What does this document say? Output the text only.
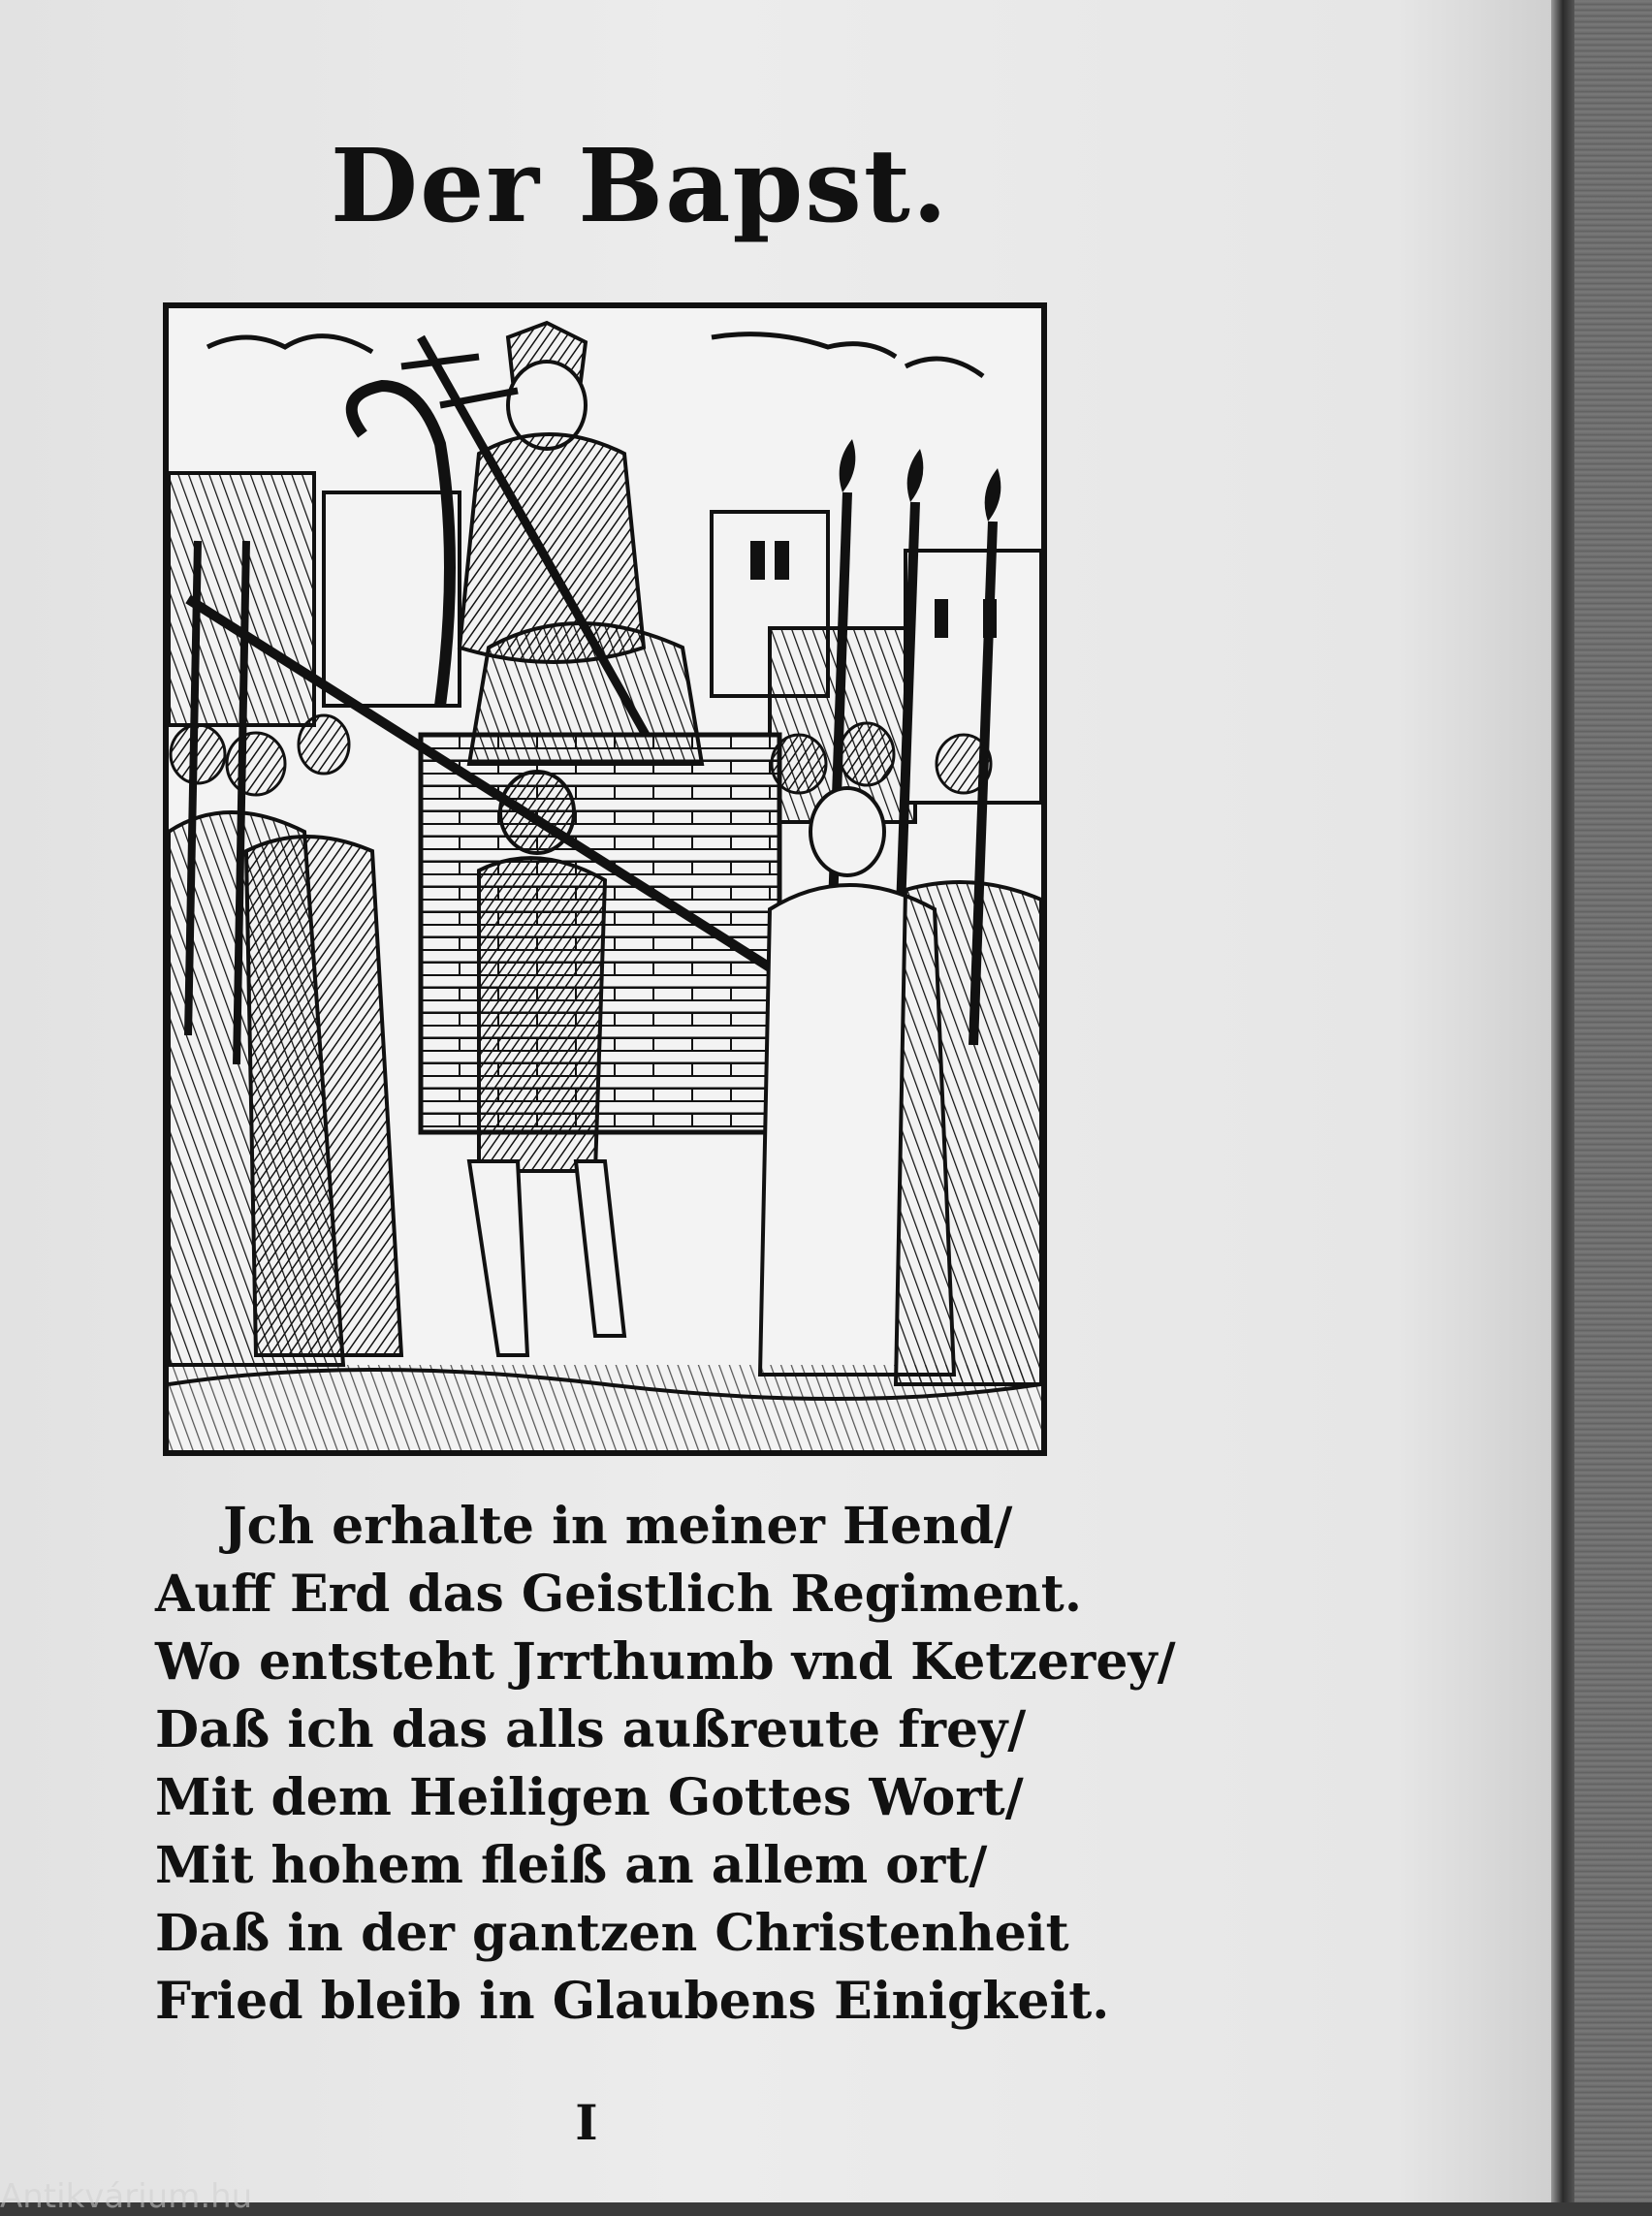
Der Bapst.
Jch erhalte in meiner Hend/
Auff Erd das Geistlich Regiment.
Wo entsteht Jrrthumb vnd Ketzerey/
Daß ich das alls außreute frey/
Mit dem Heiligen Gottes Wort/
Mit hohem fleiß an allem ort/
Daß in der gantzen Christenheit
Fried bleib in Glaubens Einigkeit.
I
Antikvárium.hu
